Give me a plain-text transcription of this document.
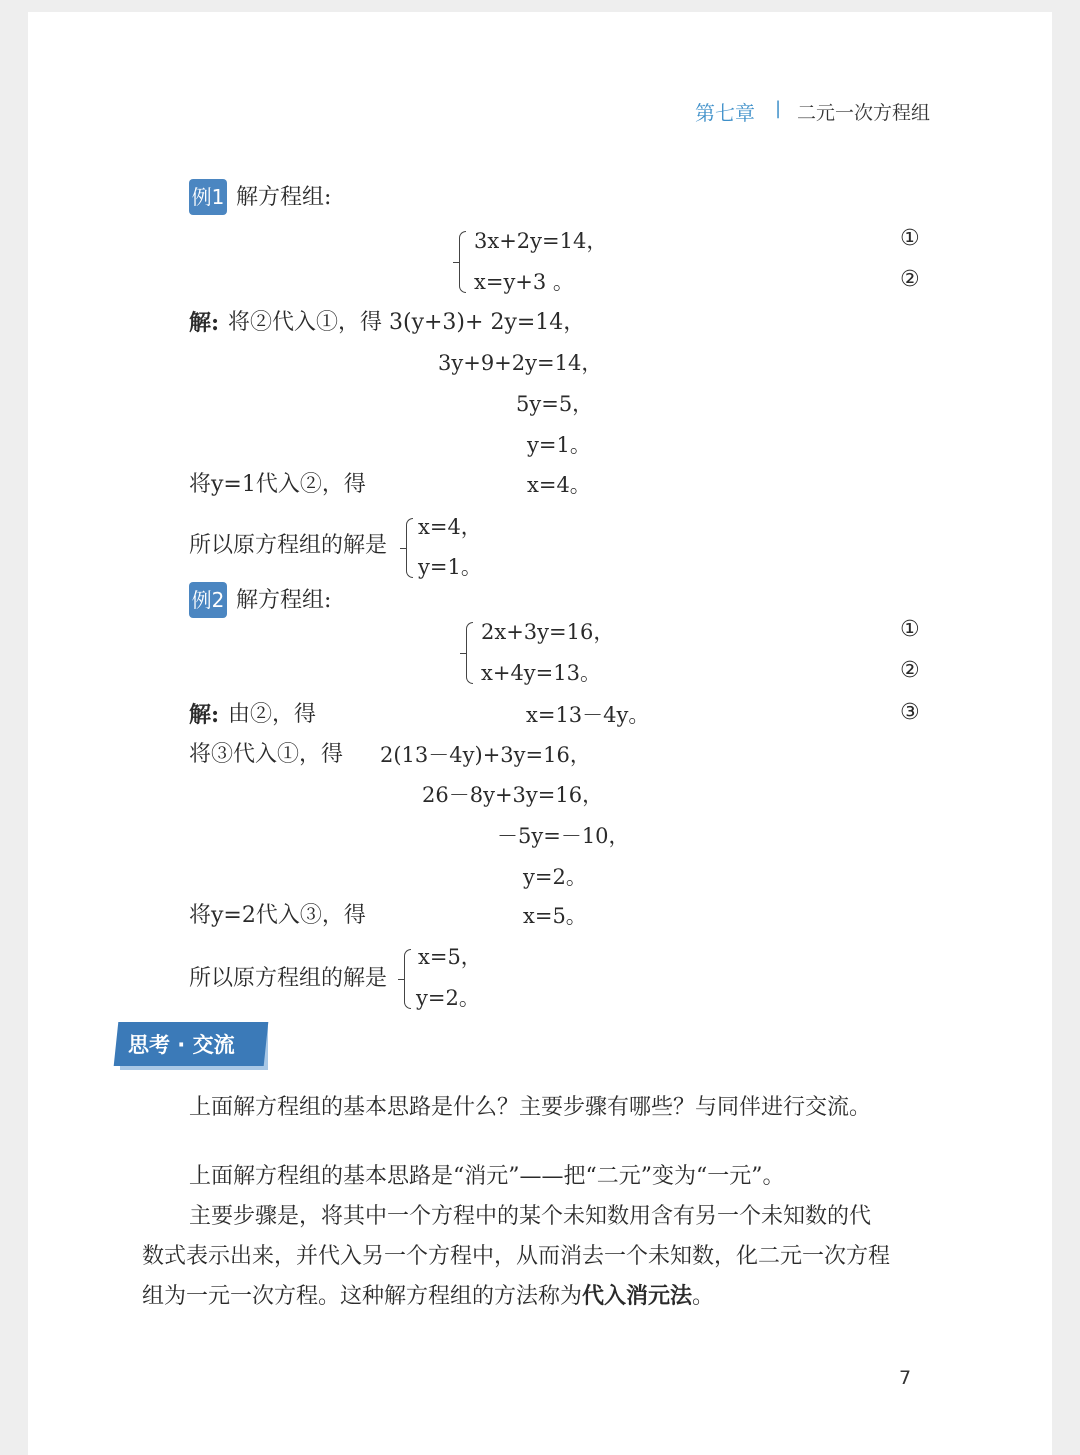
第七章 | 二元一次方程组
例1 解方程组:
3x+2y=14，
x=y+3 。
①
②
解: 将②代入①，得 3(y+3)+ 2y=14，
3y+9+2y=14，
5y=5，
y=1。
将y=1代入②，得	x=4。
所以原方程组的解是
x=4，
y=1。
例2 解方程组:
2x+3y=16，
x+4y=13。
①
②
解: 由②，得	x=13－4y。	③
将③代入①，得 2(13－4y)+3y=16，
26－8y+3y=16，
－5y=－10，
y=2。
将y=2代入③，得	x=5。
所以原方程组的解是
x=5，
y=2。
思考 · 交流
上面解方程组的基本思路是什么？主要步骤有哪些？与同伴进行交流。
上面解方程组的基本思路是“消元”——把“二元”变为“一元”。
主要步骤是，将其中一个方程中的某个未知数用含有另一个未知数的代
数式表示出来，并代入另一个方程中，从而消去一个未知数，化二元一次方程
组为一元一次方程。这种解方程组的方法称为代入消元法。
7
